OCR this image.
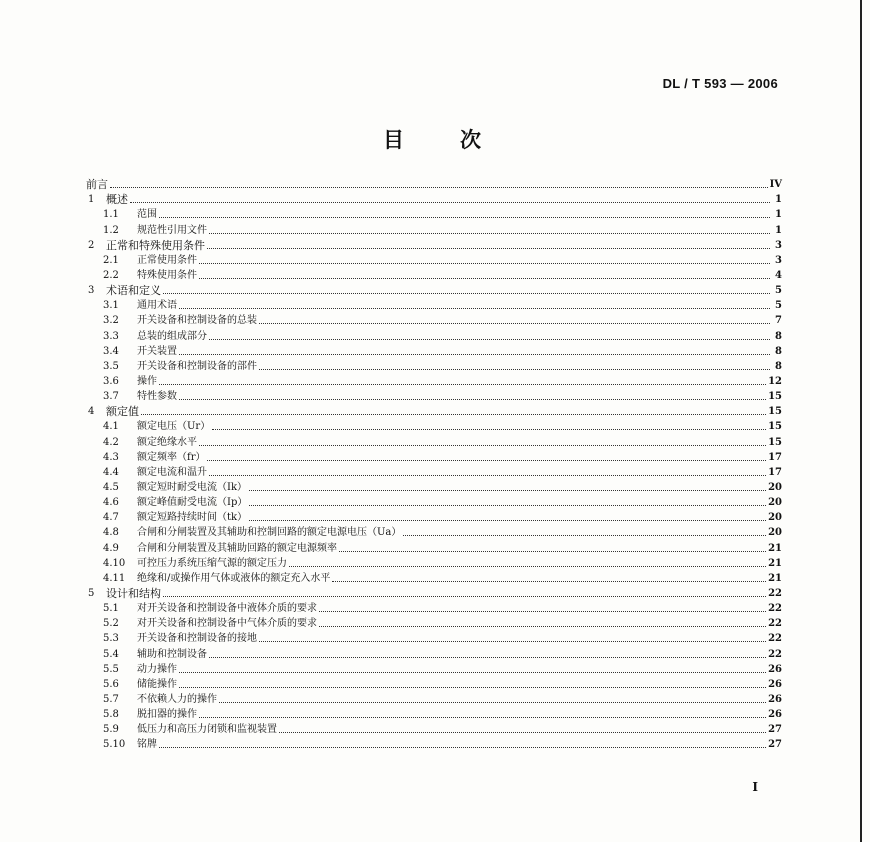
DL / T 593 — 2006
目次
前言	IV
1	概述	1
1.1	范围	1
1.2	规范性引用文件	1
2	正常和特殊使用条件	3
2.1	正常使用条件	3
2.2	特殊使用条件	4
3	术语和定义	5
3.1	通用术语	5
3.2	开关设备和控制设备的总装	7
3.3	总装的组成部分	8
3.4	开关装置	8
3.5	开关设备和控制设备的部件	8
3.6	操作	12
3.7	特性参数	15
4	额定值	15
4.1	额定电压（Ur）	15
4.2	额定绝缘水平	15
4.3	额定频率（fr）	17
4.4	额定电流和温升	17
4.5	额定短时耐受电流（Ik）	20
4.6	额定峰值耐受电流（Ip）	20
4.7	额定短路持续时间（tk）	20
4.8	合闸和分闸装置及其辅助和控制回路的额定电源电压（Ua）	20
4.9	合闸和分闸装置及其辅助回路的额定电源频率	21
4.10	可控压力系统压缩气源的额定压力	21
4.11	绝缘和/或操作用气体或液体的额定充入水平	21
5	设计和结构	22
5.1	对开关设备和控制设备中液体介质的要求	22
5.2	对开关设备和控制设备中气体介质的要求	22
5.3	开关设备和控制设备的接地	22
5.4	辅助和控制设备	22
5.5	动力操作	26
5.6	储能操作	26
5.7	不依赖人力的操作	26
5.8	脱扣器的操作	26
5.9	低压力和高压力闭锁和监视装置	27
5.10	铭牌	27
I
